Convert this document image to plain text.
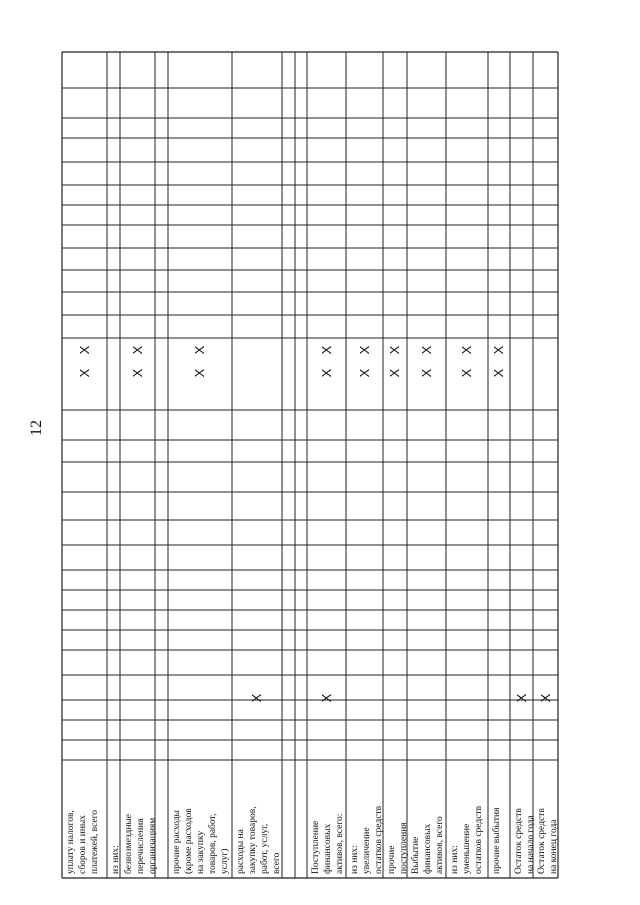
12
уплату налогов,
сборов и иных
платежей, всего
из них: безвозмездные
перечисления
организациям прочие расходы
(кроме расходов
на закупку
товаров, работ,
услуг) расходы на
закупку товаров,
работ, услуг,
всего	Поступление
финансовых
активов, всего:
из них:
увеличение
остатков средств
прочие
поступления Выбытие
финансовых
активов, всего
из них:
уменьшение
остатков средств прочие выбытия Остаток средств
на начало года
Остаток средств
на конец года
X
X
X
X
X
X
X	X
X
X
X
X
X
X
X
X
X
X
X
X
X X
